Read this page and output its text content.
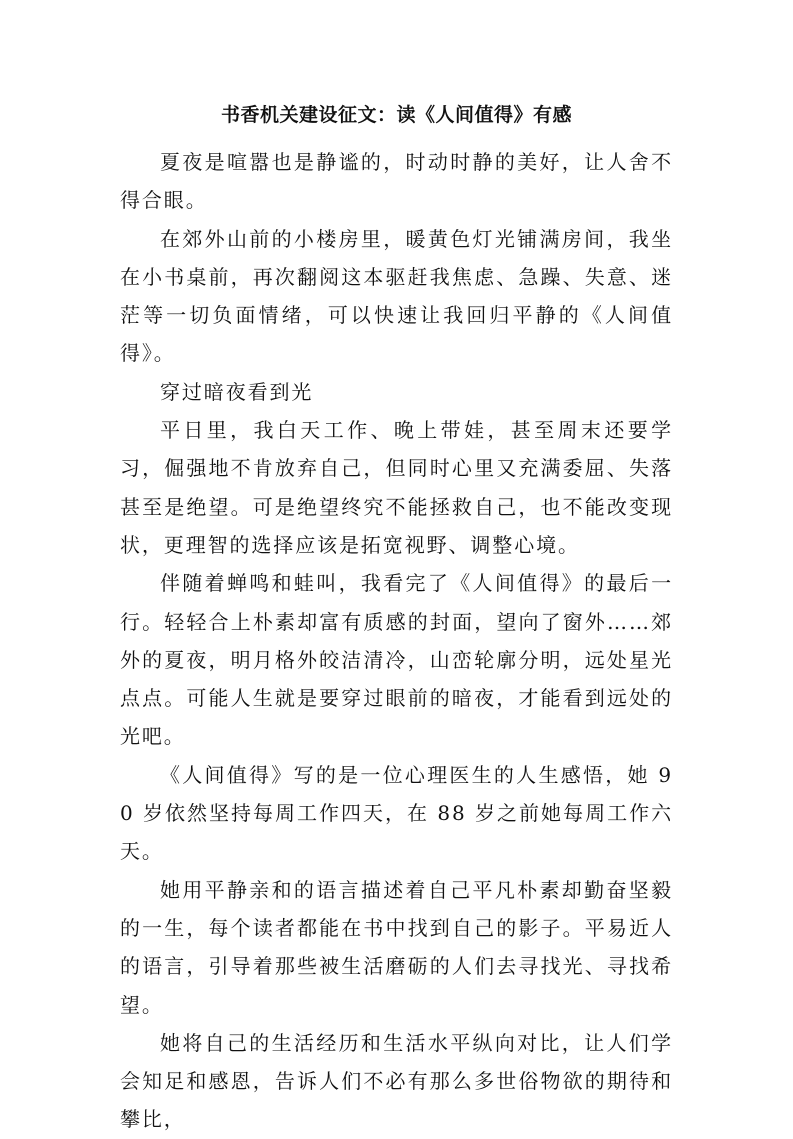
书香机关建设征文：读《人间值得》有感

夏夜是喧嚣也是静谧的，时动时静的美好，让人舍不得合眼。

在郊外山前的小楼房里，暖黄色灯光铺满房间，我坐在小书桌前，再次翻阅这本驱赶我焦虑、急躁、失意、迷茫等一切负面情绪，可以快速让我回归平静的《人间值得》。

穿过暗夜看到光

平日里，我白天工作、晚上带娃，甚至周末还要学习，倔强地不肯放弃自己，但同时心里又充满委屈、失落甚至是绝望。可是绝望终究不能拯救自己，也不能改变现状，更理智的选择应该是拓宽视野、调整心境。

伴随着蝉鸣和蛙叫，我看完了《人间值得》的最后一行。轻轻合上朴素却富有质感的封面，望向了窗外……郊外的夏夜，明月格外皎洁清冷，山峦轮廓分明，远处星光点点。可能人生就是要穿过眼前的暗夜，才能看到远处的光吧。

《人间值得》写的是一位心理医生的人生感悟，她 90 岁依然坚持每周工作四天，在 88 岁之前她每周工作六天。

她用平静亲和的语言描述着自己平凡朴素却勤奋坚毅的一生，每个读者都能在书中找到自己的影子。平易近人的语言，引导着那些被生活磨砺的人们去寻找光、寻找希望。

她将自己的生活经历和生活水平纵向对比，让人们学会知足和感恩，告诉人们不必有那么多世俗物欲的期待和攀比，
